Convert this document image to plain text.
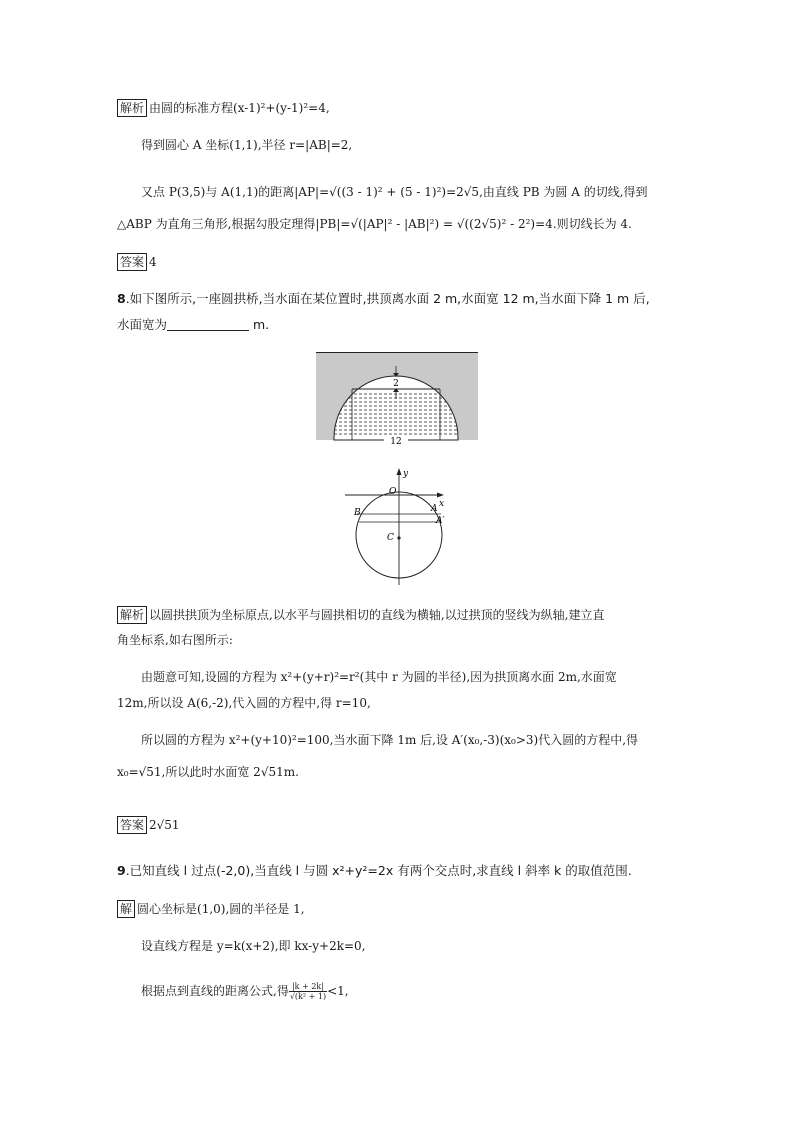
解析 由圆的标准方程(x-1)²+(y-1)²=4,
得到圆心 A 坐标(1,1),半径 r=|AB|=2,
又点 P(3,5)与 A(1,1)的距离|AP|=√((3 - 1)² + (5 - 1)²)=2√5,由直线 PB 为圆 A 的切线,得到
△ABP 为直角三角形,根据勾股定理得|PB|=√(|AP|² - |AB|²) = √((2√5)² - 2²)=4.则切线长为 4.
答案 4
8.如下图所示,一座圆拱桥,当水面在某位置时,拱顶离水面 2 m,水面宽 12 m,当水面下降 1 m 后,
水面宽为	m.
2
12
y
x
O
B	A
A′
C
解析 以圆拱拱顶为坐标原点,以水平与圆拱相切的直线为横轴,以过拱顶的竖线为纵轴,建立直
角坐标系,如右图所示:
由题意可知,设圆的方程为 x²+(y+r)²=r²(其中 r 为圆的半径),因为拱顶离水面 2m,水面宽
12m,所以设 A(6,-2),代入圆的方程中,得 r=10,
所以圆的方程为 x²+(y+10)²=100,当水面下降 1m 后,设 A′(x₀,-3)(x₀>3)代入圆的方程中,得
x₀=√51,所以此时水面宽 2√51m.
答案 2√51
9.已知直线 l 过点(-2,0),当直线 l 与圆 x²+y²=2x 有两个交点时,求直线 l 斜率 k 的取值范围.
解 圆心坐标是(1,0),圆的半径是 1,
设直线方程是 y=k(x+2),即 kx-y+2k=0,
根据点到直线的距离公式,得 $\frac{|k + 2k|}{\text{√(k² + 1)}} <1$,
